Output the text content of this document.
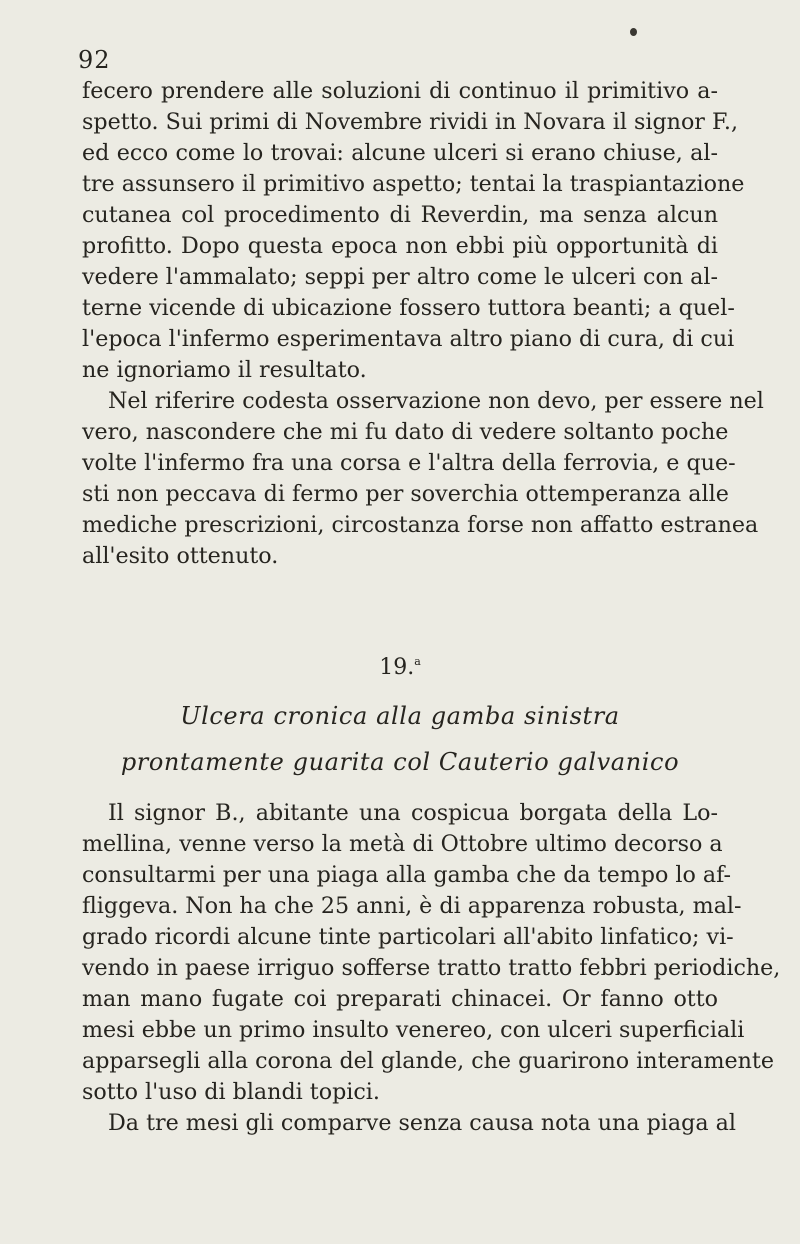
92
fecero prendere alle soluzioni di continuo il primitivo a-
spetto. Sui primi di Novembre rividi in Novara il signor F.,
ed ecco come lo trovai: alcune ulceri si erano chiuse, al-
tre assunsero il primitivo aspetto; tentai la traspiantazione
cutanea col procedimento di Reverdin, ma senza alcun
profitto. Dopo questa epoca non ebbi più opportunità di
vedere l'ammalato; seppi per altro come le ulceri con al-
terne vicende di ubicazione fossero tuttora beanti; a quel-
l'epoca l'infermo esperimentava altro piano di cura, di cui
ne ignoriamo il resultato.
Nel riferire codesta osservazione non devo, per essere nel
vero, nascondere che mi fu dato di vedere soltanto poche
volte l'infermo fra una corsa e l'altra della ferrovia, e que-
sti non peccava di fermo per soverchia ottemperanza alle
mediche prescrizioni, circostanza forse non affatto estranea
all'esito ottenuto.
19.$^a$
Ulcera cronica alla gamba sinistra
prontamente guarita col Cauterio galvanico
Il signor B., abitante una cospicua borgata della Lo-
mellina, venne verso la metà di Ottobre ultimo decorso a
consultarmi per una piaga alla gamba che da tempo lo af-
fliggeva. Non ha che 25 anni, è di apparenza robusta, mal-
grado ricordi alcune tinte particolari all'abito linfatico; vi-
vendo in paese irriguo sofferse tratto tratto febbri periodiche,
man mano fugate coi preparati chinacei. Or fanno otto
mesi ebbe un primo insulto venereo, con ulceri superficiali
apparsegli alla corona del glande, che guarirono interamente
sotto l'uso di blandi topici.
Da tre mesi gli comparve senza causa nota una piaga al
